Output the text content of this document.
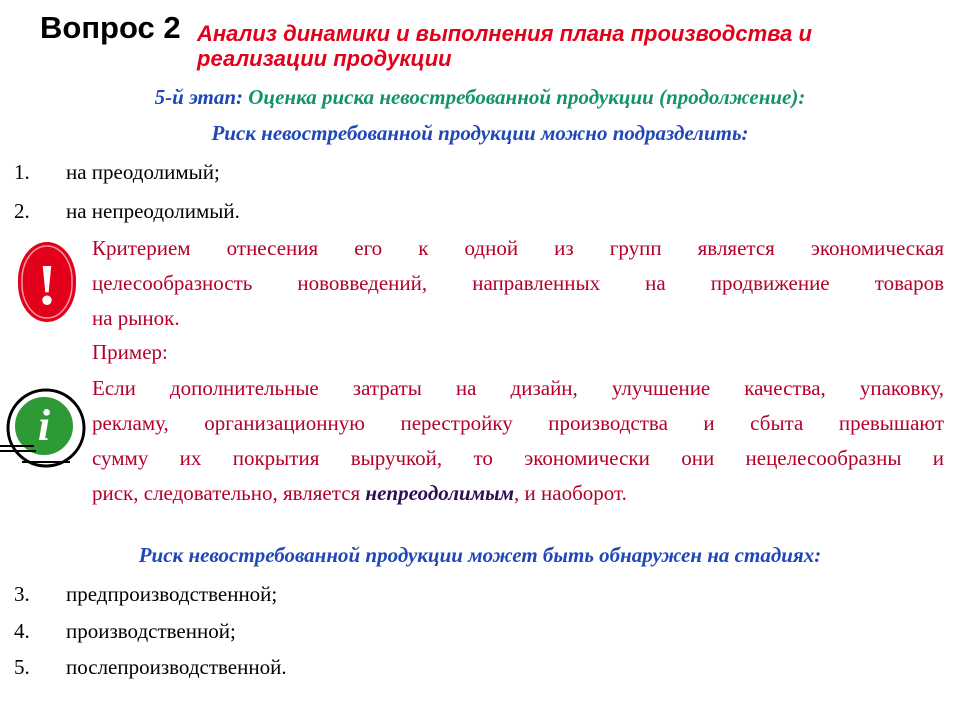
Вопрос 2 Анализ динамики и выполнения плана производства и
реализации продукции
5-й этап: Оценка риска невостребованной продукции (продолжение):
Риск невостребованной продукции можно подразделить:
1. на преодолимый;
2. на непреодолимый.
!
Критерием отнесения его к одной из групп является экономическая
целесообразность нововведений, направленных на продвижение товаров
на рынок.
Пример:
i
Если дополнительные затраты на дизайн, улучшение качества, упаковку,
рекламу, организационную перестройку производства и сбыта превышают
сумму их покрытия выручкой, то экономически они нецелесообразны и
риск, следовательно, является непреодолимым, и наоборот.
Риск невостребованной продукции может быть обнаружен на стадиях:
3. предпроизводственной;
4. производственной;
5. послепроизводственной.
